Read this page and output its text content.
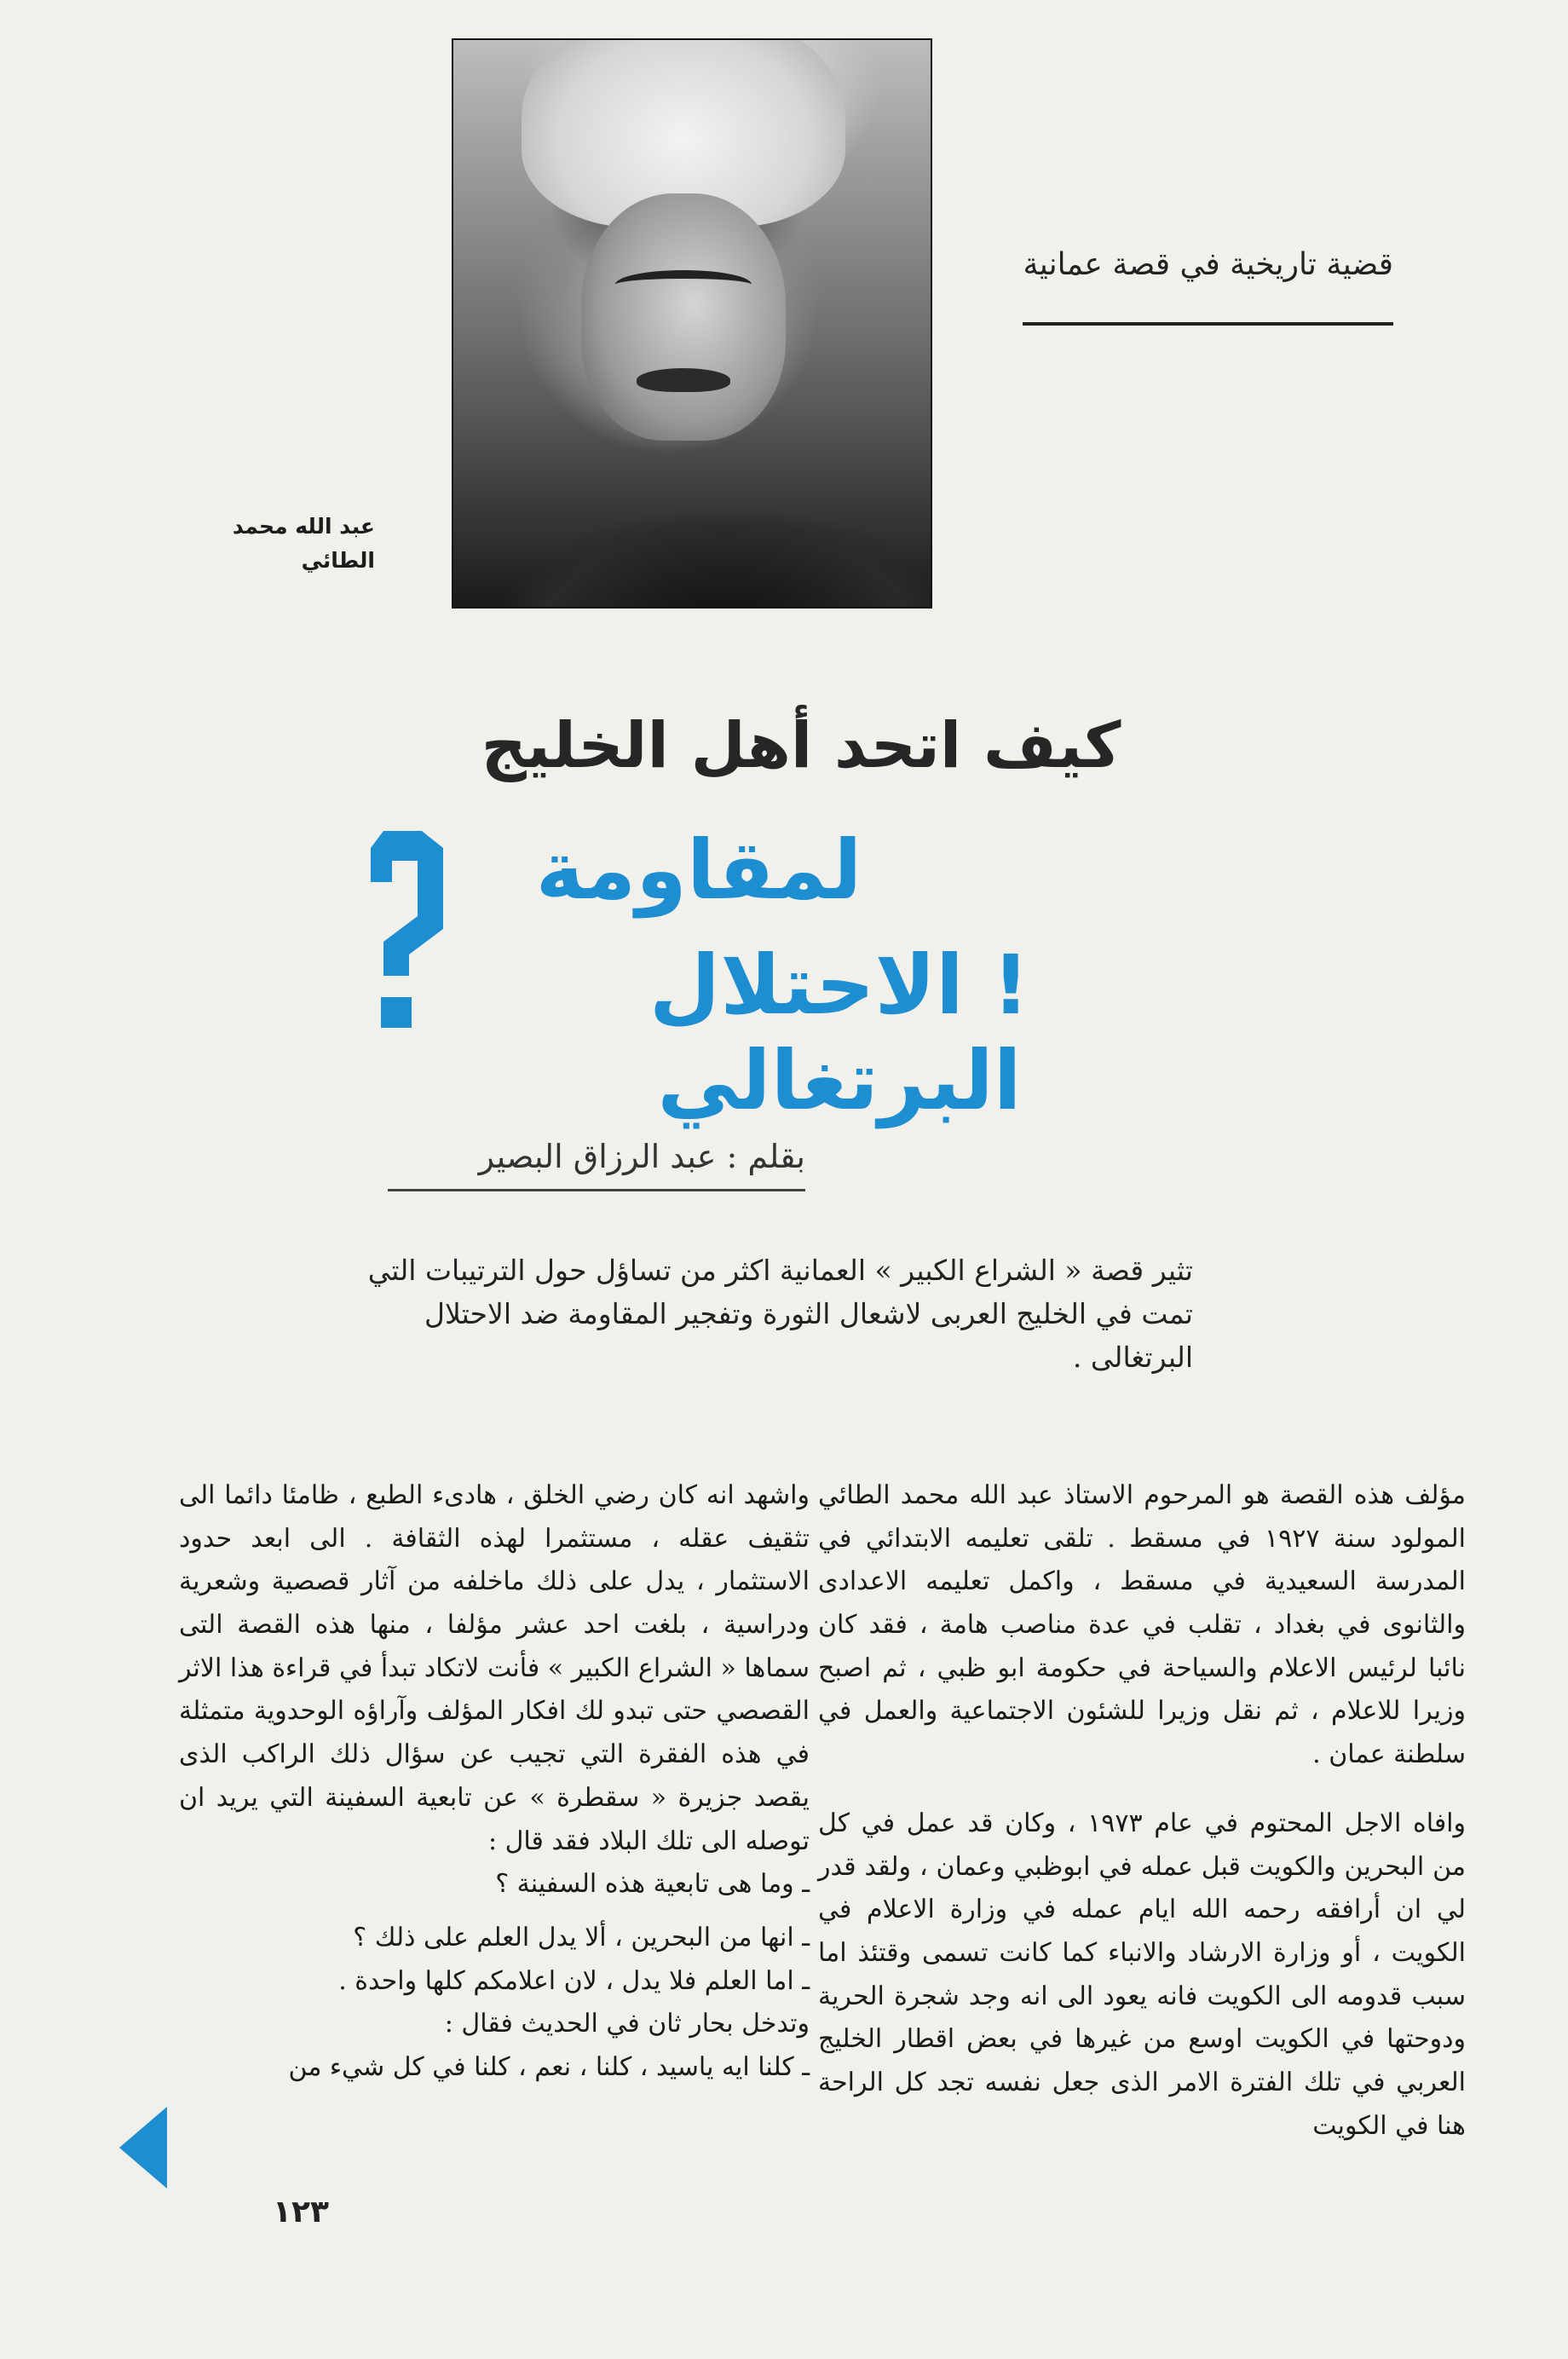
عبد الله محمد
الطائي
قضية تاريخية في قصة عمانية
كيف اتحد أهل الخليج
لمقاومة
! الاحتلال البرتغالي
بقلم : عبد الرزاق البصير
تثير قصة « الشراع الكبير » العمانية اكثر من تساؤل حول الترتيبات التي تمت في الخليج العربى لاشعال الثورة وتفجير المقاومة ضد الاحتلال البرتغالى .

مؤلف هذه القصة هو المرحوم الاستاذ عبد الله محمد الطائي المولود سنة ١٩٢٧ في مسقط . تلقى تعليمه الابتدائي في المدرسة السعيدية في مسقط ، واكمل تعليمه الاعدادى والثانوى في بغداد ، تقلب في عدة مناصب هامة ، فقد كان نائبا لرئيس الاعلام والسياحة في حكومة ابو ظبي ، ثم اصبح وزيرا للاعلام ، ثم نقل وزيرا للشئون الاجتماعية والعمل في سلطنة عمان .

وافاه الاجل المحتوم في عام ١٩٧٣ ، وكان قد عمل في كل من البحرين والكويت قبل عمله في ابوظبي وعمان ، ولقد قدر لي ان أرافقه رحمه الله ايام عمله في وزارة الاعلام في الكويت ، أو وزارة الارشاد والانباء كما كانت تسمى وقتئذ اما سبب قدومه الى الكويت فانه يعود الى انه وجد شجرة الحرية ودوحتها في الكويت اوسع من غيرها في بعض اقطار الخليج العربي في تلك الفترة الامر الذى جعل نفسه تجد كل الراحة هنا في الكويت

واشهد انه كان رضي الخلق ، هادىء الطبع ، ظامئا دائما الى تثقيف عقله ، مستثمرا لهذه الثقافة . الى ابعد حدود الاستثمار ، يدل على ذلك ماخلفه من آثار قصصية وشعرية ودراسية ، بلغت احد عشر مؤلفا ، منها هذه القصة التى سماها « الشراع الكبير » فأنت لاتكاد تبدأ في قراءة هذا الاثر القصصي حتى تبدو لك افكار المؤلف وآراؤه الوحدوية متمثلة في هذه الفقرة التي تجيب عن سؤال ذلك الراكب الذى يقصد جزيرة « سقطرة » عن تابعية السفينة التي يريد ان توصله الى تلك البلاد فقد قال :

ـ وما هى تابعية هذه السفينة ؟

ـ انها من البحرين ، ألا يدل العلم على ذلك ؟

ـ اما العلم فلا يدل ، لان اعلامكم كلها واحدة .

وتدخل بحار ثان في الحديث فقال :

ـ كلنا ايه ياسيد ، كلنا ، نعم ، كلنا في كل شيء من

١٢٣
